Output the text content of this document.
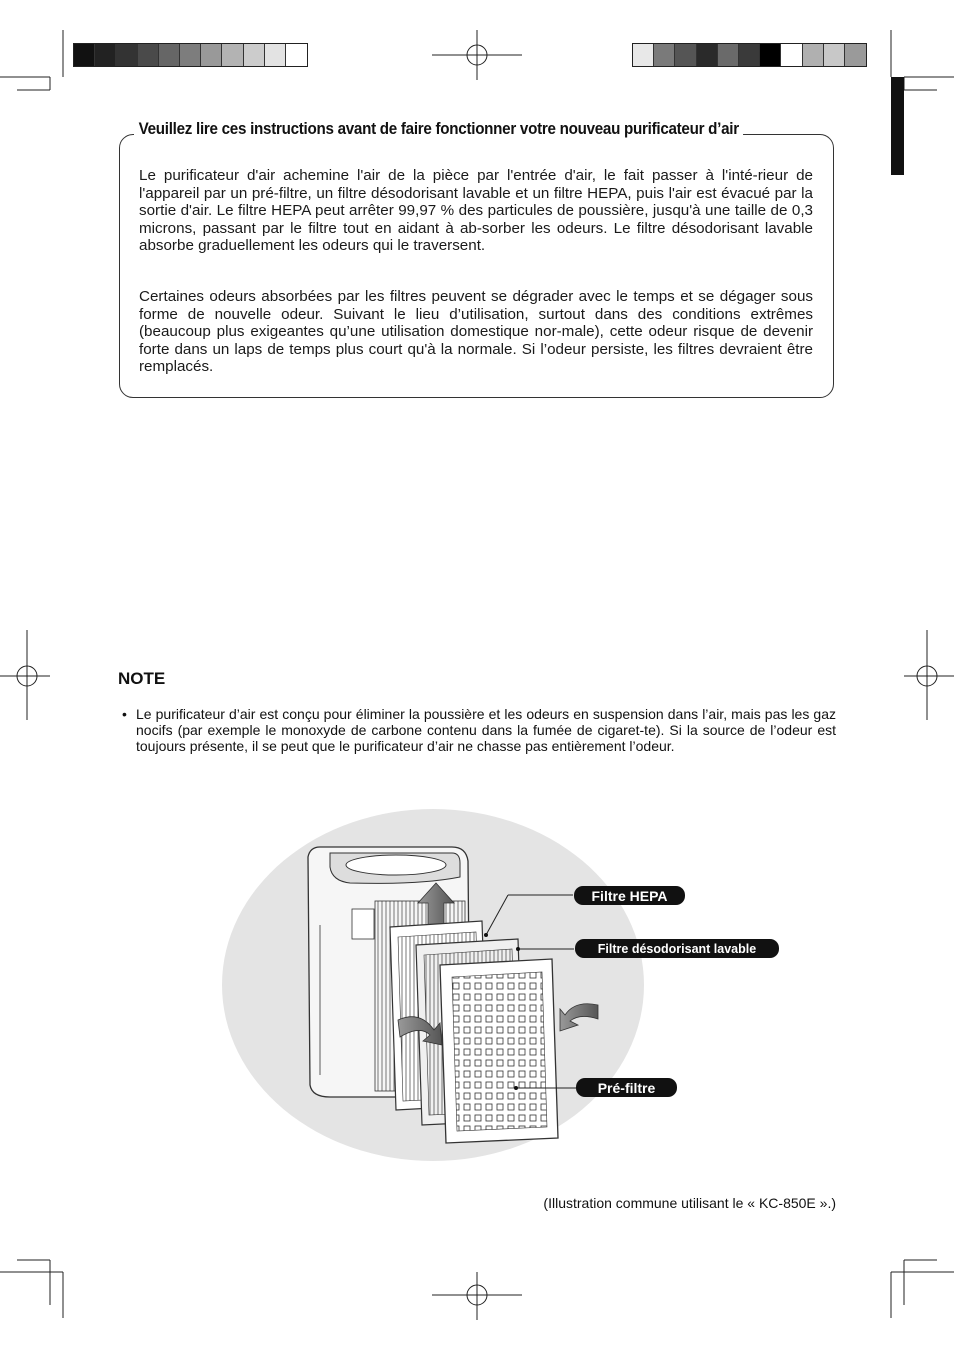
Veuillez lire ces instructions avant de faire fonctionner votre nouveau purificateur d’air
Le purificateur d'air achemine l'air de la pièce par l'entrée d'air, le fait passer à l'inté-rieur de l'appareil par un pré-filtre, un filtre désodorisant lavable et un filtre HEPA, puis l'air est évacué par la sortie d'air. Le filtre HEPA peut arrêter 99,97 % des particules de poussière, jusqu'à une taille de 0,3 microns, passant par le filtre tout en aidant à ab-sorber les odeurs. Le filtre désodorisant lavable absorbe graduellement les odeurs qui le traversent.
Certaines odeurs absorbées par les filtres peuvent se dégrader avec le temps et se dégager sous forme de nouvelle odeur. Suivant le lieu d’utilisation, surtout dans des conditions extrêmes (beaucoup plus exigeantes qu’une utilisation domestique nor-male), cette odeur risque de devenir forte dans un laps de temps plus court qu'à la normale. Si l’odeur persiste, les filtres devraient être remplacés.
NOTE
• Le purificateur d’air est conçu pour éliminer la poussière et les odeurs en suspension dans l’air, mais pas les gaz nocifs (par exemple le monoxyde de carbone contenu dans la fumée de cigaret-te). Si la source de l’odeur est toujours présente, il se peut que le purificateur d’air ne chasse pas entièrement l’odeur.
Filtre HEPA
Filtre désodorisant lavable
Pré-filtre
(Illustration commune utilisant le « KC-850E ».)
